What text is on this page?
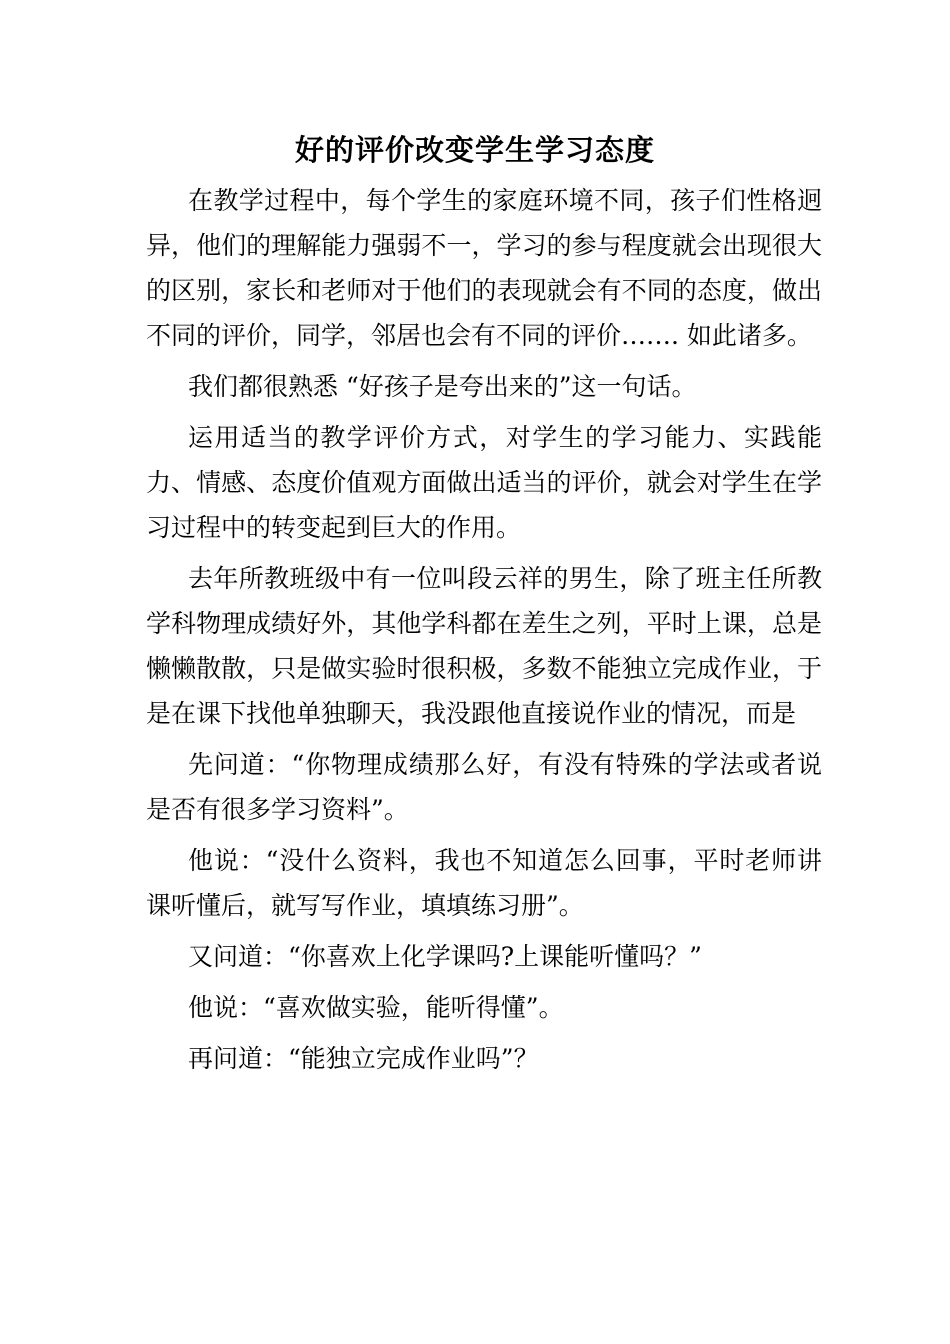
好的评价改变学生学习态度

在教学过程中，每个学生的家庭环境不同，孩子们性格迥异，他们的理解能力强弱不一，学习的参与程度就会出现很大的区别，家长和老师对于他们的表现就会有不同的态度，做出不同的评价，同学，邻居也会有不同的评价……. 如此诸多。

我们都很熟悉 “好孩子是夸出来的”这一句话。

运用适当的教学评价方式，对学生的学习能力、实践能力、情感、态度价值观方面做出适当的评价，就会对学生在学习过程中的转变起到巨大的作用。

去年所教班级中有一位叫段云祥的男生，除了班主任所教学科物理成绩好外，其他学科都在差生之列，平时上课，总是懒懒散散，只是做实验时很积极，多数不能独立完成作业，于是在课下找他单独聊天，我没跟他直接说作业的情况，而是

先问道：“你物理成绩那么好，有没有特殊的学法或者说是否有很多学习资料”。

他说：“没什么资料，我也不知道怎么回事，平时老师讲课听懂后，就写写作业，填填练习册”。

又问道：“你喜欢上化学课吗?上课能听懂吗？”

他说：“喜欢做实验，能听得懂”。

再问道：“能独立完成作业吗”？
